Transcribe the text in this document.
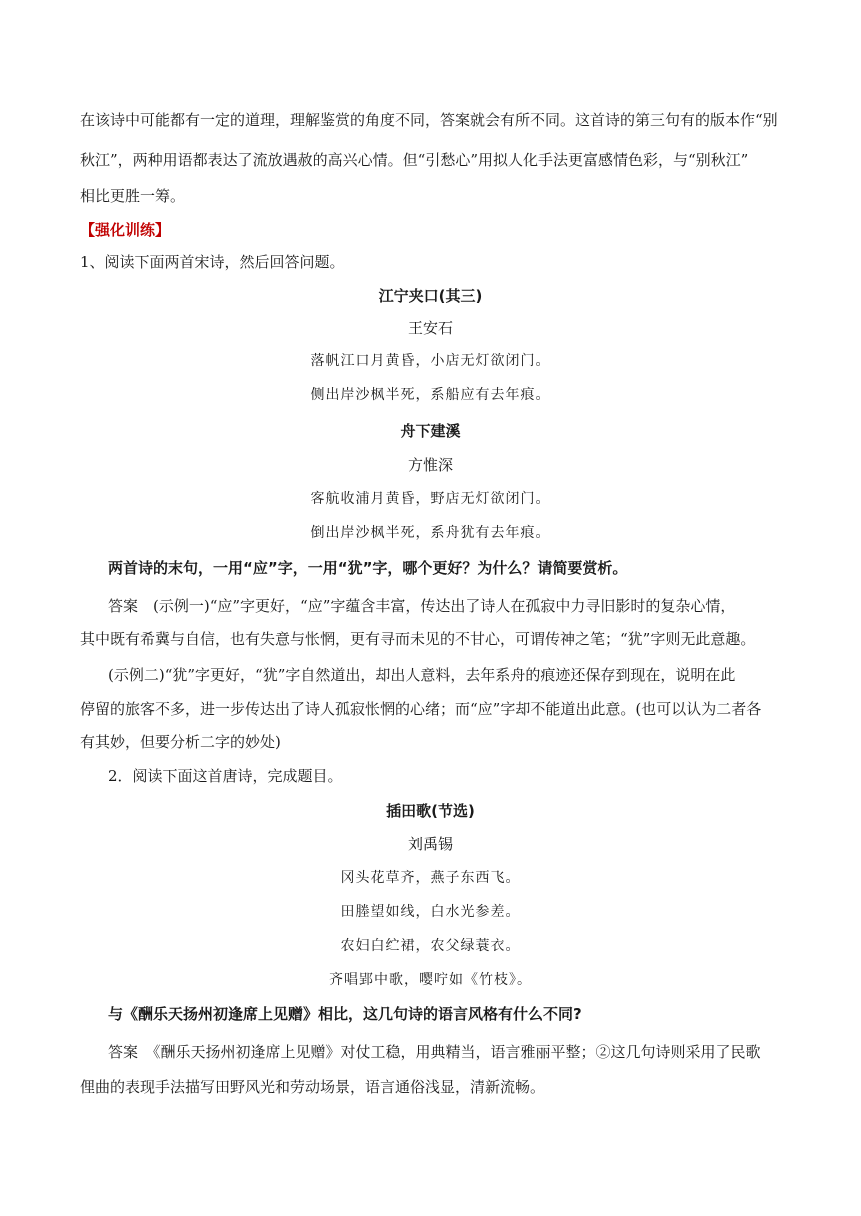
在该诗中可能都有一定的道理，理解鉴赏的角度不同，答案就会有所不同。这首诗的第三句有的版本作“别
秋江”，两种用语都表达了流放遇赦的高兴心情。但“引愁心”用拟人化手法更富感情色彩，与“别秋江”
相比更胜一筹。
【强化训练】
1、阅读下面两首宋诗，然后回答问题。
江宁夹口(其三)
王安石
落帆江口月黄昏，小店无灯欲闭门。
侧出岸沙枫半死，系船应有去年痕。
舟下建溪
方惟深
客航收浦月黄昏，野店无灯欲闭门。
倒出岸沙枫半死，系舟犹有去年痕。
两首诗的末句，一用“应”字，一用“犹”字，哪个更好？为什么？请简要赏析。
答案　(示例一)“应”字更好，“应”字蕴含丰富，传达出了诗人在孤寂中力寻旧影时的复杂心情，
其中既有希冀与自信，也有失意与怅惘，更有寻而未见的不甘心，可谓传神之笔；“犹”字则无此意趣。
(示例二)“犹”字更好，“犹”字自然道出，却出人意料，去年系舟的痕迹还保存到现在，说明在此
停留的旅客不多，进一步传达出了诗人孤寂怅惘的心绪；而“应”字却不能道出此意。(也可以认为二者各
有其妙，但要分析二字的妙处)
2．阅读下面这首唐诗，完成题目。
插田歌(节选)
刘禹锡
冈头花草齐，燕子东西飞。
田塍望如线，白水光参差。
农妇白纻裙，农父绿蓑衣。
齐唱郢中歌，嘤咛如《竹枝》。
与《酬乐天扬州初逢席上见赠》相比，这几句诗的语言风格有什么不同?
答案　《酬乐天扬州初逢席上见赠》对仗工稳，用典精当，语言雅丽平整；②这几句诗则采用了民歌
俚曲的表现手法描写田野风光和劳动场景，语言通俗浅显，清新流畅。
